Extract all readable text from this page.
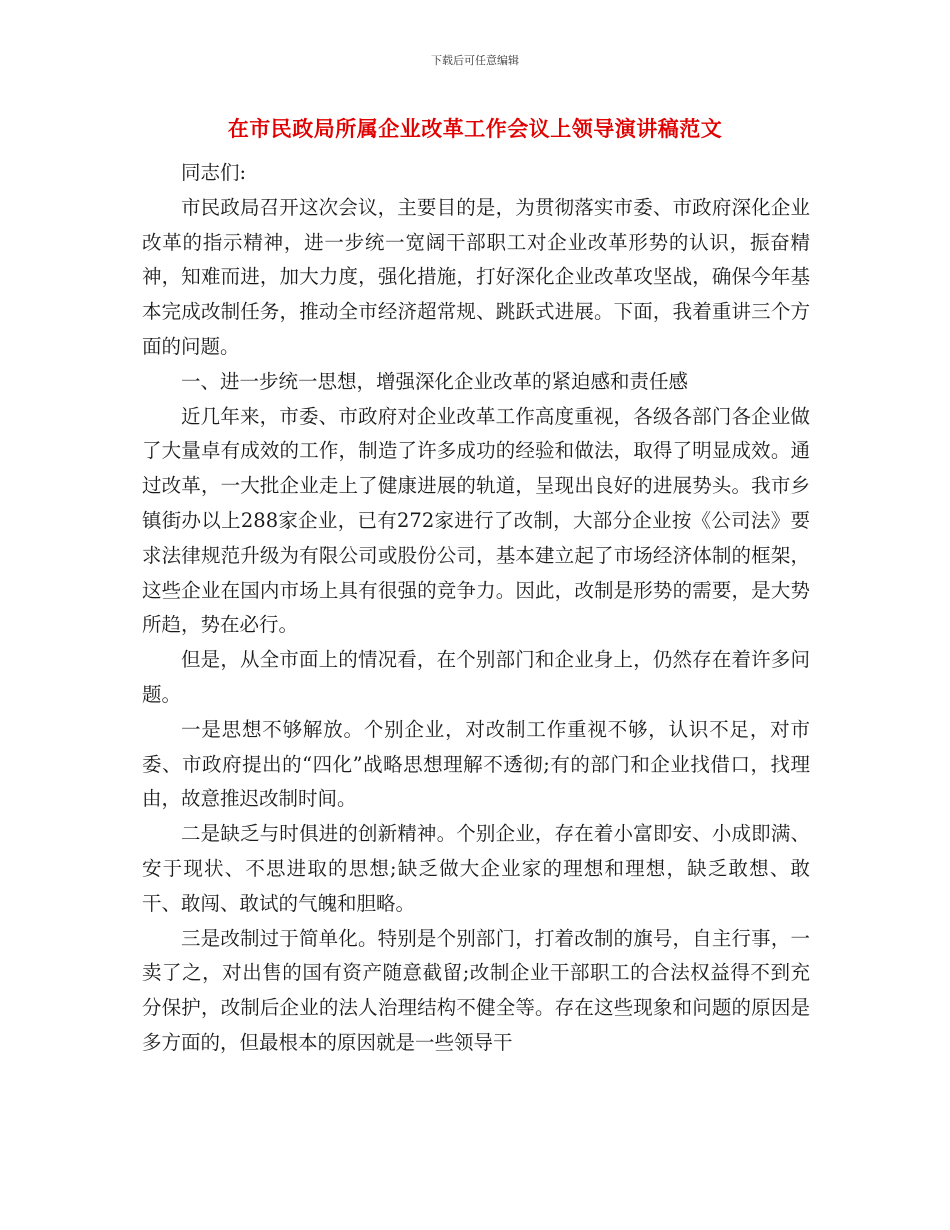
下载后可任意编辑
在市民政局所属企业改革工作会议上领导演讲稿范文

同志们:

市民政局召开这次会议，主要目的是，为贯彻落实市委、市政府深化企业改革的指示精神，进一步统一宽阔干部职工对企业改革形势的认识，振奋精神，知难而进，加大力度，强化措施，打好深化企业改革攻坚战，确保今年基本完成改制任务，推动全市经济超常规、跳跃式进展。下面，我着重讲三个方面的问题。

一、进一步统一思想，增强深化企业改革的紧迫感和责任感

近几年来，市委、市政府对企业改革工作高度重视，各级各部门各企业做了大量卓有成效的工作，制造了许多成功的经验和做法，取得了明显成效。通过改革，一大批企业走上了健康进展的轨道，呈现出良好的进展势头。我市乡镇街办以上288家企业，已有272家进行了改制，大部分企业按《公司法》要求法律规范升级为有限公司或股份公司，基本建立起了市场经济体制的框架，这些企业在国内市场上具有很强的竞争力。因此，改制是形势的需要，是大势所趋，势在必行。

但是，从全市面上的情况看，在个别部门和企业身上，仍然存在着许多问题。

一是思想不够解放。个别企业，对改制工作重视不够，认识不足，对市委、市政府提出的“四化”战略思想理解不透彻;有的部门和企业找借口，找理由，故意推迟改制时间。

二是缺乏与时俱进的创新精神。个别企业，存在着小富即安、小成即满、安于现状、不思进取的思想;缺乏做大企业家的理想和理想，缺乏敢想、敢干、敢闯、敢试的气魄和胆略。

三是改制过于简单化。特别是个别部门，打着改制的旗号，自主行事，一卖了之，对出售的国有资产随意截留;改制企业干部职工的合法权益得不到充分保护，改制后企业的法人治理结构不健全等。存在这些现象和问题的原因是多方面的，但最根本的原因就是一些领导干
